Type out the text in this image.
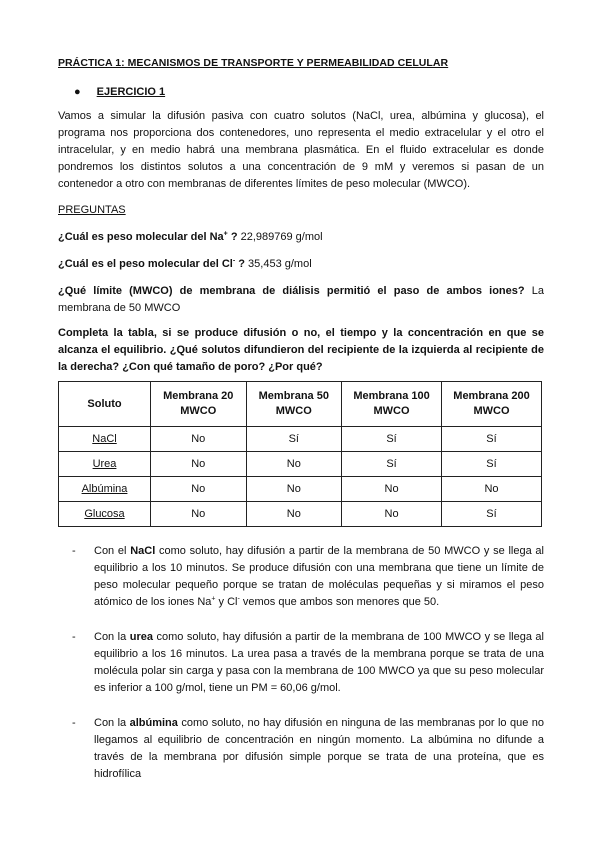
PRÁCTICA 1: MECANISMOS DE TRANSPORTE Y PERMEABILIDAD CELULAR
● EJERCICIO 1

Vamos a simular la difusión pasiva con cuatro solutos (NaCl, urea, albúmina y glucosa), el programa nos proporciona dos contenedores, uno representa el medio extracelular y el otro el intracelular, y en medio habrá una membrana plasmática. En el fluido extracelular es donde pondremos los distintos solutos a una concentración de 9 mM y veremos si pasan de un contenedor a otro con membranas de diferentes límites de peso molecular (MWCO).

PREGUNTAS

¿Cuál es peso molecular del Na+ ? 22,989769 g/mol

¿Cuál es el peso molecular del Cl- ? 35,453 g/mol

¿Qué límite (MWCO) de membrana de diálisis permitió el paso de ambos iones? La membrana de 50 MWCO

Completa la tabla, si se produce difusión o no, el tiempo y la concentración en que se alcanza el equilibrio. ¿Qué solutos difundieron del recipiente de la izquierda al recipiente de la derecha? ¿Con qué tamaño de poro? ¿Por qué?

Soluto	Membrana 20 MWCO	Membrana 50 MWCO	Membrana 100 MWCO	Membrana 200 MWCO
NaCl	No	Sí	Sí	Sí
Urea	No	No	Sí	Sí
Albúmina	No	No	No	No
Glucosa	No	No	No	Sí
- Con el NaCl como soluto, hay difusión a partir de la membrana de 50 MWCO y se llega al equilibrio a los 10 minutos. Se produce difusión con una membrana que tiene un límite de peso molecular pequeño porque se tratan de moléculas pequeñas y si miramos el peso atómico de los iones Na+ y Cl- vemos que ambos son menores que 50.
- Con la urea como soluto, hay difusión a partir de la membrana de 100 MWCO y se llega al equilibrio a los 16 minutos. La urea pasa a través de la membrana porque se trata de una molécula polar sin carga y pasa con la membrana de 100 MWCO ya que su peso molecular es inferior a 100 g/mol, tiene un PM = 60,06 g/mol.
- Con la albúmina como soluto, no hay difusión en ninguna de las membranas por lo que no llegamos al equilibrio de concentración en ningún momento. La albúmina no difunde a través de la membrana por difusión simple porque se trata de una proteína, que es hidrofílica
